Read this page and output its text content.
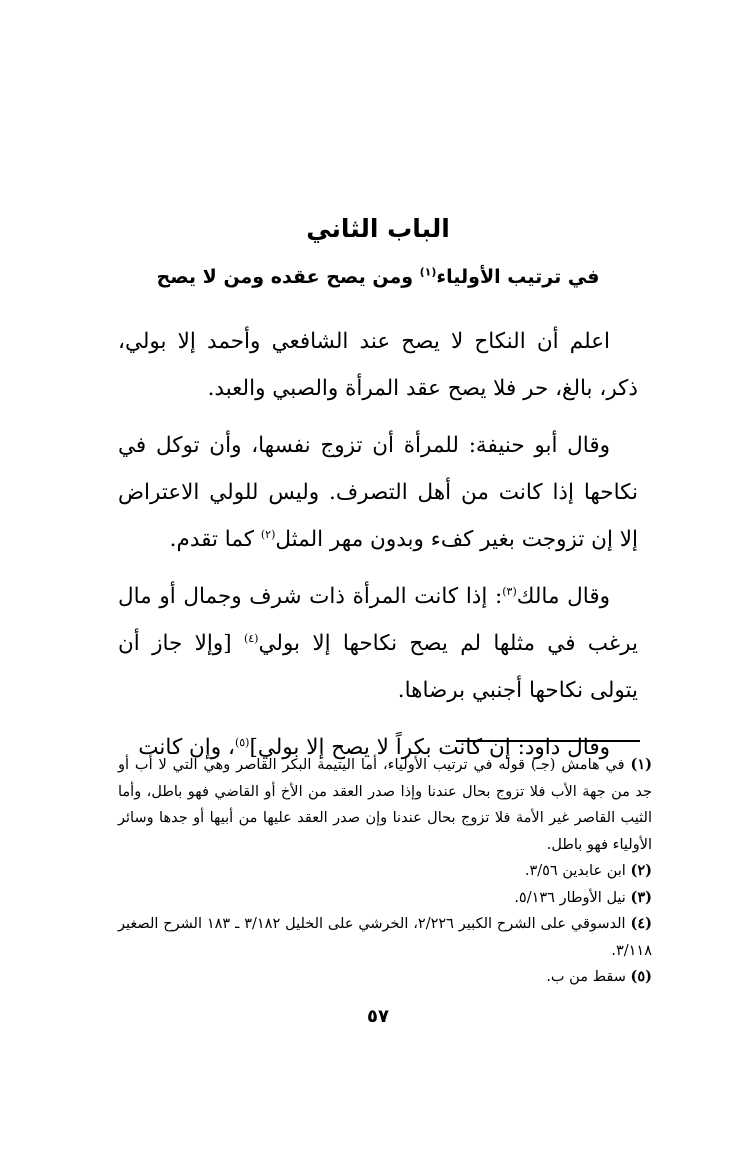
الباب الثاني
في ترتيب الأولياء$^{(١)}$ ومن يصح عقده ومن لا يصح

اعلم أن النكاح لا يصح عند الشافعي وأحمد إلا بولي، ذكر، بالغ، حر فلا يصح عقد المرأة والصبي والعبد.

وقال أبو حنيفة: للمرأة أن تزوج نفسها، وأن توكل في نكاحها إذا كانت من أهل التصرف. وليس للولي الاعتراض إلا إن تزوجت بغير كفء وبدون مهر المثل$^{(٢)}$ كما تقدم.

وقال مالك$^{(٣)}$: إذا كانت المرأة ذات شرف وجمال أو مال يرغب في مثلها لم يصح نكاحها إلا بولي$^{(٤)}$ [وإلا جاز أن يتولى نكاحها أجنبي برضاها.

وقال داود: إن كانت بكراً لا يصح إلا بولي]$^{(٥)}$، وإن كانت

(١) في هامش (جـ) قوله في ترتيب الأولياء، أما اليتيمة البكر القاصر وهي التي لا أب أو جد من جهة الأب فلا تزوج بحال عندنا وإذا صدر العقد من الأخ أو القاضي فهو باطل، وأما الثيب القاصر غير الأمة فلا تزوج بحال عندنا وإن صدر العقد عليها من أبيها أو جدها وسائر الأولياء فهو باطل.

(٢) ابن عابدين ٣/٥٦.

(٣) نيل الأوطار ٥/١٣٦.

(٤) الدسوقي على الشرح الكبير ٢/٢٢٦، الخرشي على الخليل ٣/١٨٢ ـ ١٨٣ الشرح الصغير ٣/١١٨.

(٥) سقط من ب.

٥٧
